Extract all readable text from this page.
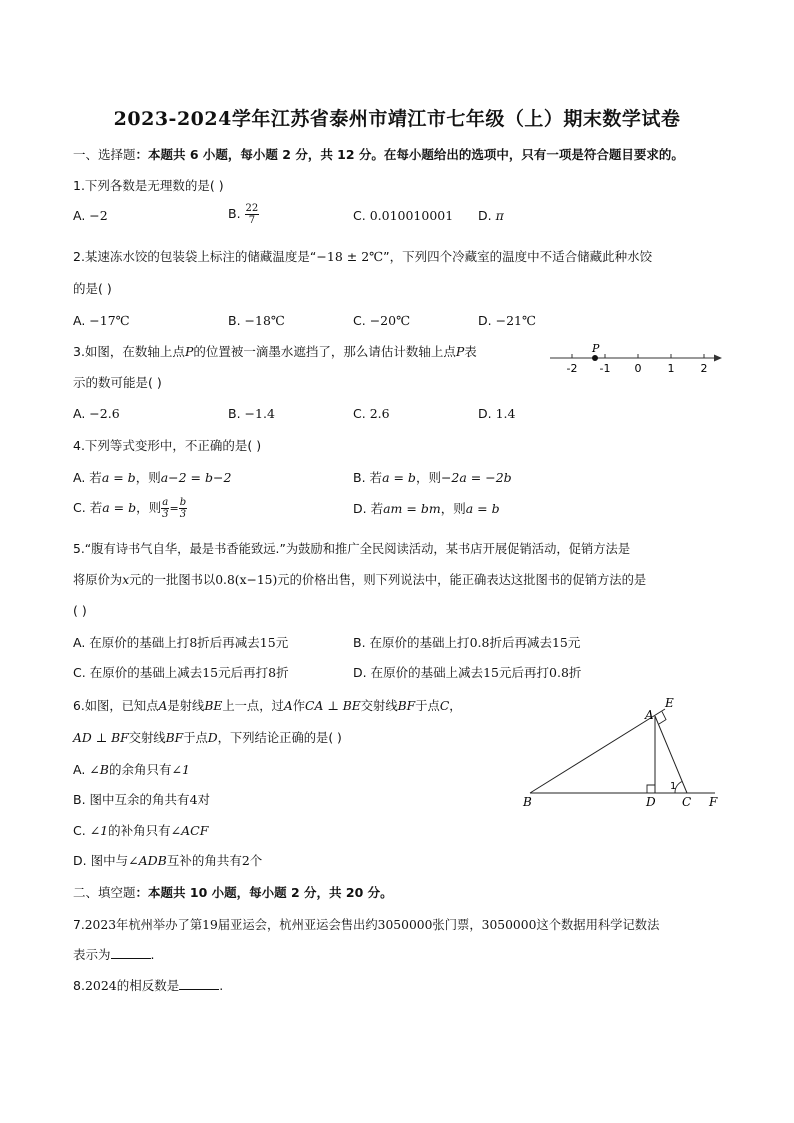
2023-2024学年江苏省泰州市靖江市七年级（上）期末数学试卷
一、选择题：本题共 6 小题，每小题 2 分，共 12 分。在每小题给出的选项中，只有一项是符合题目要求的。
1.下列各数是无理数的是( )
A. −2	B. $\frac{22}{7}$	C. 0.010010001 D. π
2.某速冻水饺的包装袋上标注的储藏温度是“−18 ± 2℃”，下列四个冷藏室的温度中不适合储藏此种水饺
的是( )
A. −17℃	B. −18℃	C. −20℃	D. −21℃
3.如图，在数轴上点P的位置被一滴墨水遮挡了，那么请估计数轴上点P表
示的数可能是( )
P
-2 -1 0 1 2
A. −2.6	B. −1.4	C. 2.6	D. 1.4
4.下列等式变形中，不正确的是( )
A. 若a = b，则a−2 = b−2	B. 若a = b，则−2a = −2b
C. 若a = b，则 $\frac{a}{3} = \frac{b}{3}$	D. 若am = bm，则a = b
5.“腹有诗书气自华，最是书香能致远.”为鼓励和推广全民阅读活动，某书店开展促销活动，促销方法是
将原价为x元的一批图书以0.8(x−15)元的价格出售，则下列说法中，能正确表达这批图书的促销方法的是
( )
A. 在原价的基础上打8折后再减去15元	B. 在原价的基础上打0.8折后再减去15元
C. 在原价的基础上减去15元后再打8折	D. 在原价的基础上减去15元后再打0.8折
6.如图，已知点A是射线BE上一点，过A作CA ⊥ BE交射线BF于点C，
AD ⊥ BF交射线BF于点D，下列结论正确的是( )
A. ∠B的余角只有∠1
B. 图中互余的角共有4对
C. ∠1的补角只有∠ACF
D. 图中与∠ADB互补的角共有2个
1
A
E
B	D C F
二、填空题：本题共 10 小题，每小题 2 分，共 20 分。
7.2023年杭州举办了第19届亚运会，杭州亚运会售出约3050000张门票，3050000这个数据用科学记数法
表示为	.
8.2024的相反数是	.
